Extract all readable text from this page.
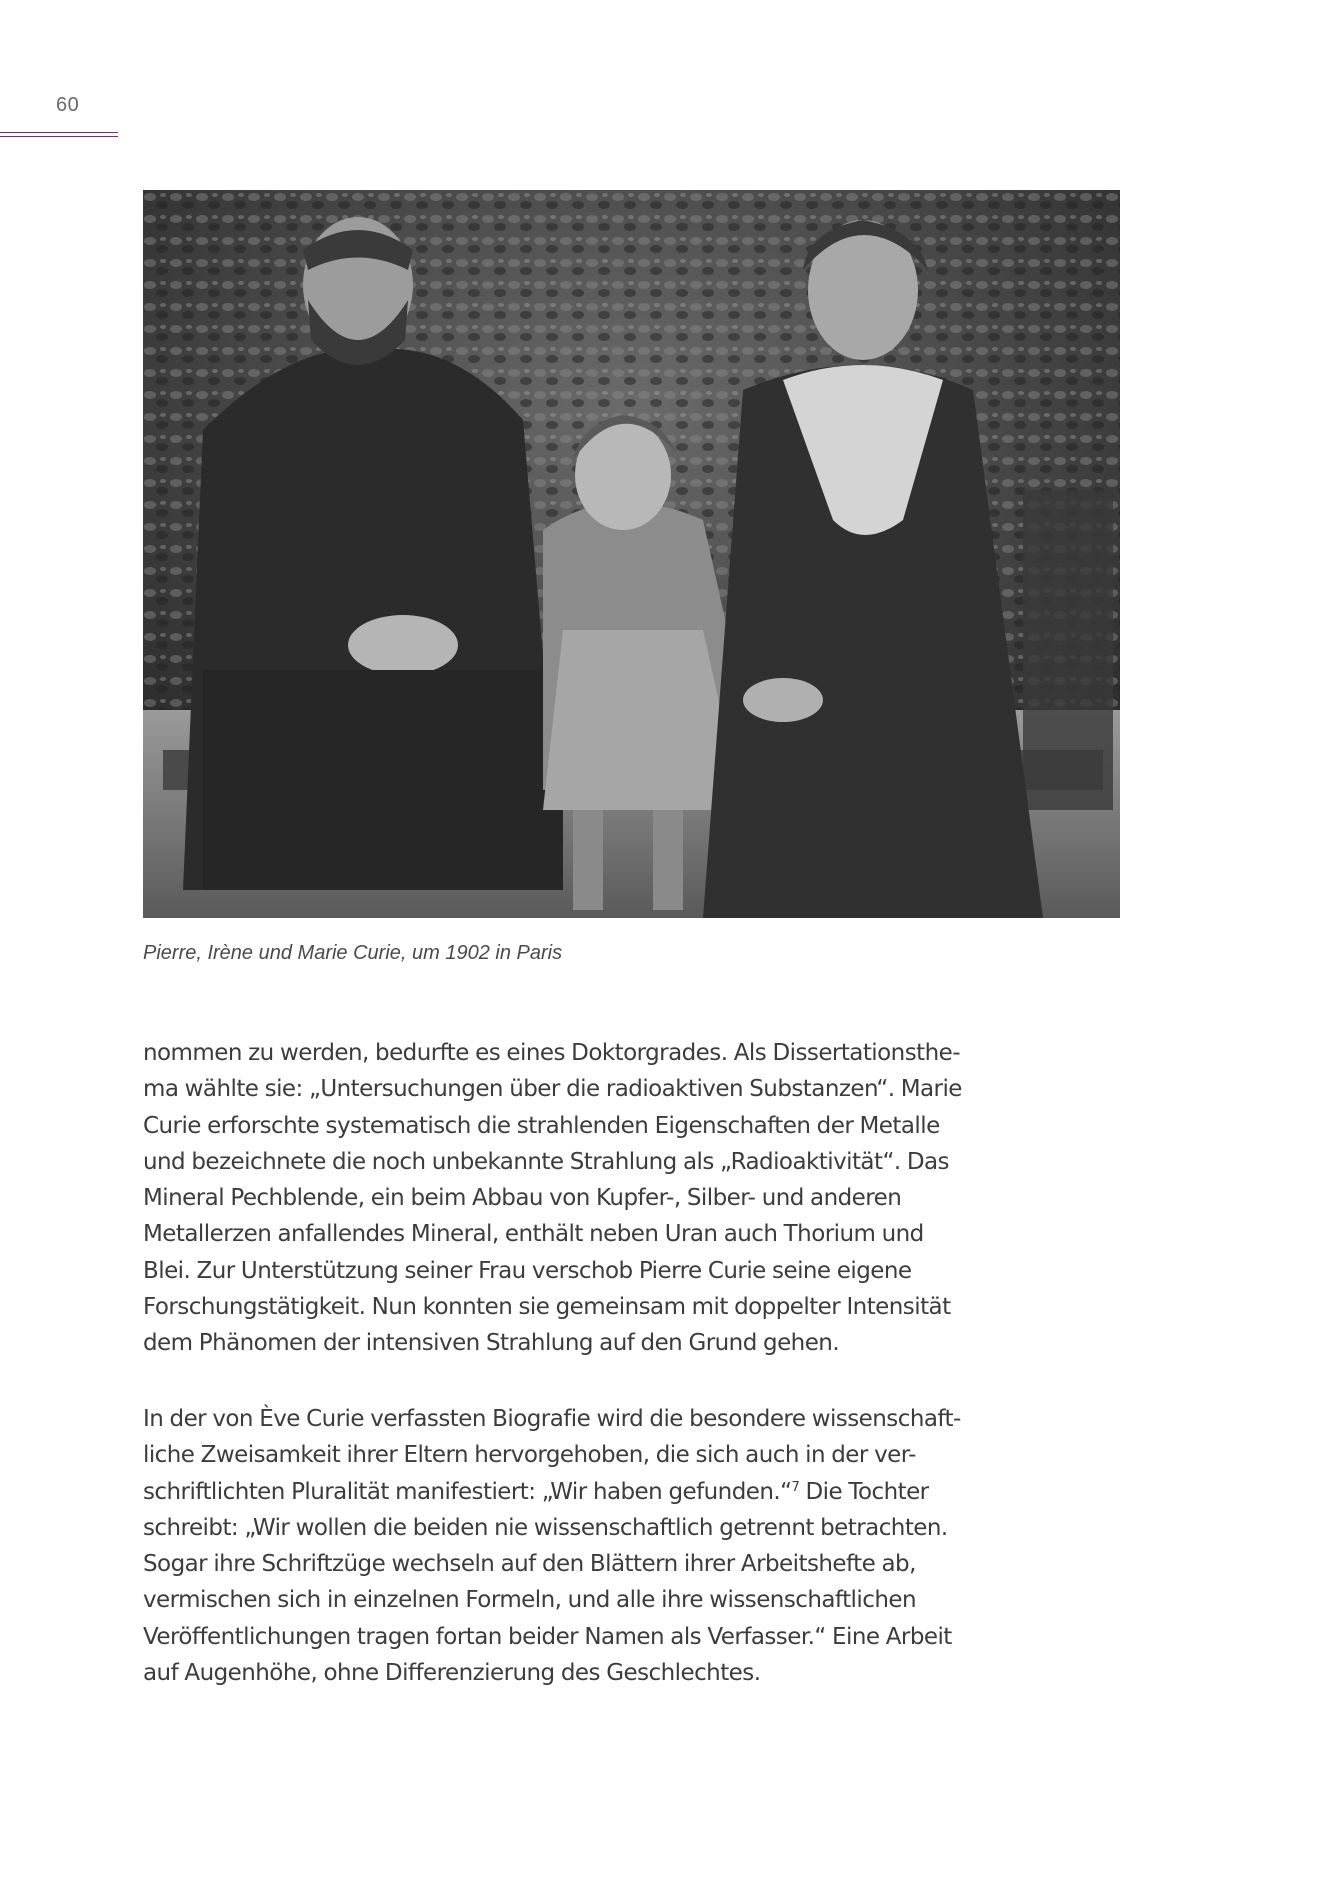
60
Pierre, Irène und Marie Curie, um 1902 in Paris
nommen zu werden, bedurfte es eines Doktorgrades. Als Dissertationsthe-
ma wählte sie: „Untersuchungen über die radioaktiven Substanzen“. Marie
Curie erforschte systematisch die strahlenden Eigenschaften der Metalle
und bezeichnete die noch unbekannte Strahlung als „Radioaktivität“. Das
Mineral Pechblende, ein beim Abbau von Kupfer-, Silber- und anderen
Metallerzen anfallendes Mineral, enthält neben Uran auch Thorium und
Blei. Zur Unterstützung seiner Frau verschob Pierre Curie seine eigene
Forschungstätigkeit. Nun konnten sie gemeinsam mit doppelter Intensität
dem Phänomen der intensiven Strahlung auf den Grund gehen.
In der von Ève Curie verfassten Biografie wird die besondere wissenschaft-
liche Zweisamkeit ihrer Eltern hervorgehoben, die sich auch in der ver-
schriftlichten Pluralität manifestiert: „Wir haben gefunden.“$^7$ Die Tochter
schreibt: „Wir wollen die beiden nie wissenschaftlich getrennt betrachten.
Sogar ihre Schriftzüge wechseln auf den Blättern ihrer Arbeitshefte ab,
vermischen sich in einzelnen Formeln, und alle ihre wissenschaftlichen
Veröffentlichungen tragen fortan beider Namen als Verfasser.“ Eine Arbeit
auf Augenhöhe, ohne Differenzierung des Geschlechtes.
